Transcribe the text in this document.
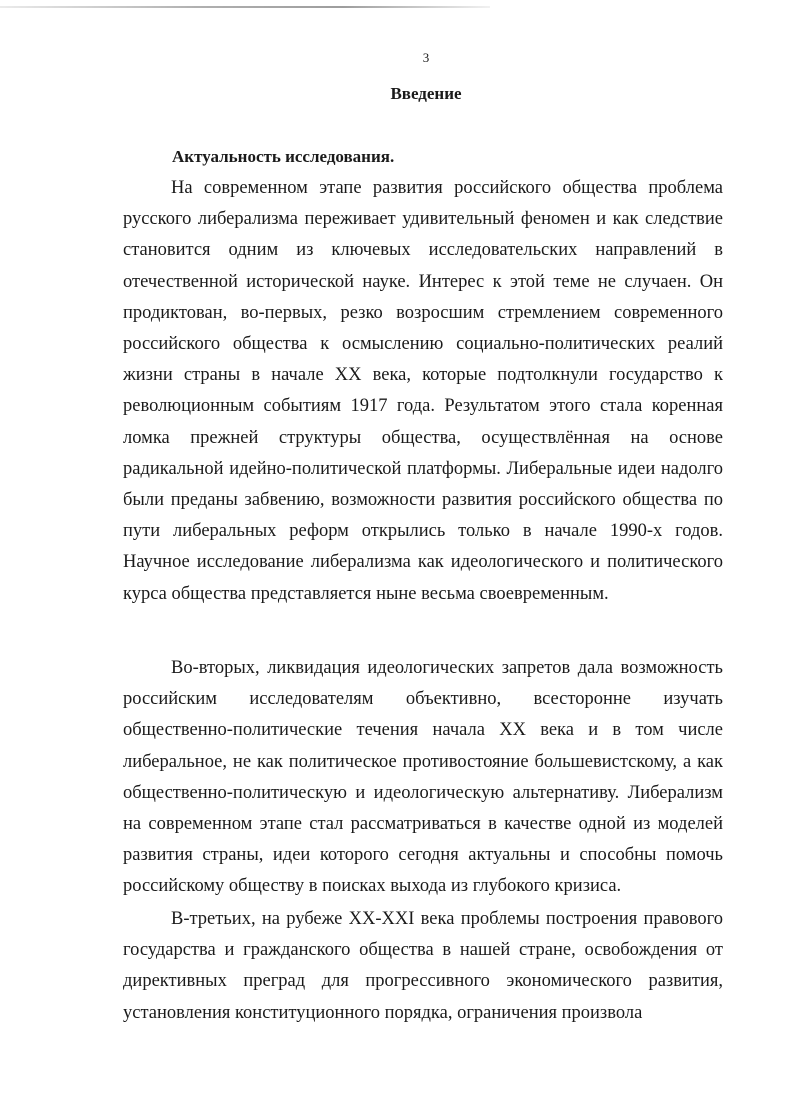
3
Введение
Актуальность исследования.

На современном этапе развития российского общества проблема русского либерализма переживает удивительный феномен и как следствие становится одним из ключевых исследовательских направлений в отечественной исторической науке. Интерес к этой теме не случаен. Он продиктован, во-первых, резко возросшим стремлением современного российского общества к осмыслению социально-политических реалий жизни страны в начале XX века, которые подтолкнули государство к революционным событиям 1917 года. Результатом этого стала коренная ломка прежней структуры общества, осуществлённая на основе радикальной идейно-политической платформы. Либеральные идеи надолго были преданы забвению, возможности развития российского общества по пути либеральных реформ открылись только в начале 1990-х годов. Научное исследование либерализма как идеологического и политического курса общества представляется ныне весьма своевременным.

Во-вторых, ликвидация идеологических запретов дала возможность российским исследователям объективно, всесторонне изучать общественно-политические течения начала XX века и в том числе либеральное, не как политическое противостояние большевистскому, а как общественно-политическую и идеологическую альтернативу. Либерализм на современном этапе стал рассматриваться в качестве одной из моделей развития страны, идеи которого сегодня актуальны и способны помочь российскому обществу в поисках выхода из глубокого кризиса.

В-третьих, на рубеже XX-XXI века проблемы построения правового государства и гражданского общества в нашей стране, освобождения от директивных преград для прогрессивного экономического развития, установления конституционного порядка, ограничения произвола
